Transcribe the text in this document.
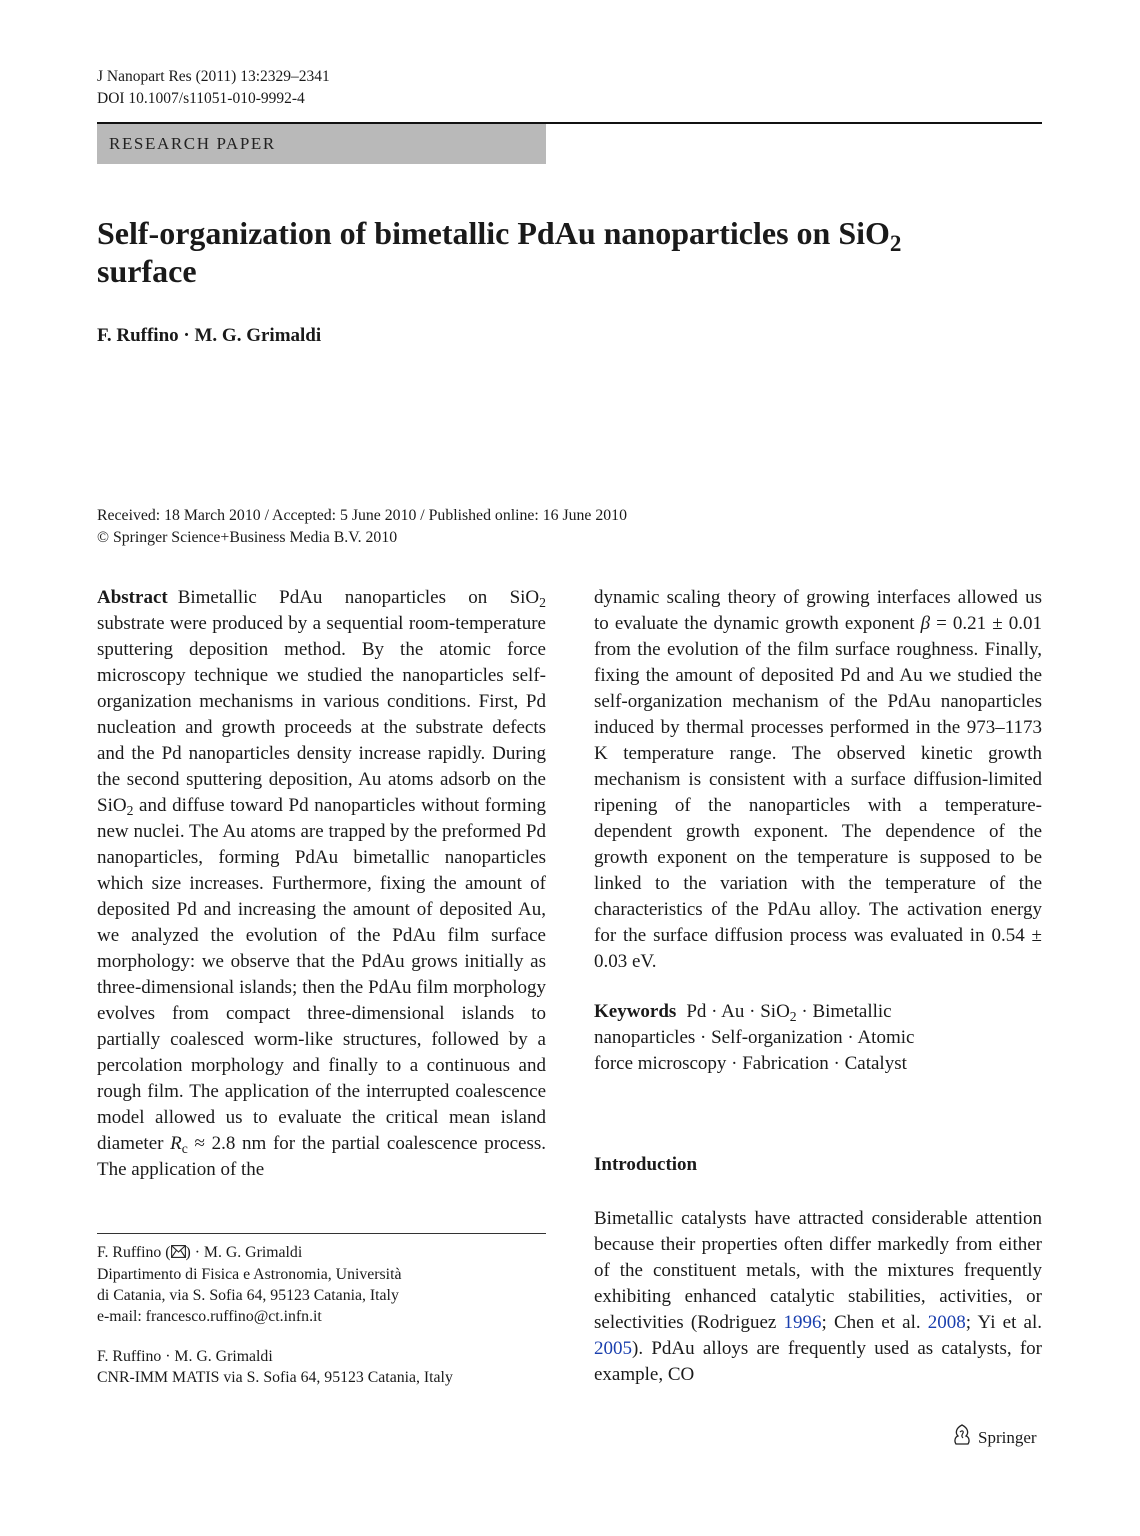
J Nanopart Res (2011) 13:2329–2341
DOI 10.1007/s11051-010-9992-4
RESEARCH PAPER
Self-organization of bimetallic PdAu nanoparticles on SiO$_2$
surface
F. Ruffino · M. G. Grimaldi
Received: 18 March 2010 / Accepted: 5 June 2010 / Published online: 16 June 2010
© Springer Science+Business Media B.V. 2010

Abstract Bimetallic PdAu nanoparticles on SiO$_2$ substrate were produced by a sequential room-temperature sputtering deposition method. By the atomic force microscopy technique we studied the nanoparticles self-organization mechanisms in various conditions. First, Pd nucleation and growth proceeds at the substrate defects and the Pd nanoparticles density increase rapidly. During the second sputtering deposition, Au atoms adsorb on the SiO$_2$ and diffuse toward Pd nanoparticles without forming new nuclei. The Au atoms are trapped by the preformed Pd nanoparticles, forming PdAu bimetallic nanoparticles which size increases. Furthermore, fixing the amount of deposited Pd and increasing the amount of deposited Au, we analyzed the evolution of the PdAu film surface morphology: we observe that the PdAu grows initially as three-dimensional islands; then the PdAu film morphology evolves from compact three-dimensional islands to partially coalesced worm-like structures, followed by a percolation morphology and finally to a continuous and rough film. The application of the interrupted coalescence model allowed us to evaluate the critical mean island diameter $R_c \approx 2.8$ nm for the partial coalescence process. The application of the

dynamic scaling theory of growing interfaces allowed us to evaluate the dynamic growth exponent β = 0.21 ± 0.01 from the evolution of the film surface roughness. Finally, fixing the amount of deposited Pd and Au we studied the self-organization mechanism of the PdAu nanoparticles induced by thermal processes performed in the 973–1173 K temperature range. The observed kinetic growth mechanism is consistent with a surface diffusion-limited ripening of the nanoparticles with a temperature-dependent growth exponent. The dependence of the growth exponent on the temperature is supposed to be linked to the variation with the temperature of the characteristics of the PdAu alloy. The activation energy for the surface diffusion process was evaluated in 0.54 ± 0.03 eV.

Keywords Pd · Au · SiO$_2$ · Bimetallic
nanoparticles · Self-organization · Atomic
force microscopy · Fabrication · Catalyst
Introduction
Bimetallic catalysts have attracted considerable attention because their properties often differ markedly from either of the constituent metals, with the mixtures frequently exhibiting enhanced catalytic stabilities, activities, or selectivities (Rodriguez 1996; Chen et al. 2008; Yi et al. 2005). PdAu alloys are frequently used as catalysts, for example, CO
F. Ruffino ( ) · M. G. Grimaldi
Dipartimento di Fisica e Astronomia, Università
di Catania, via S. Sofia 64, 95123 Catania, Italy
e-mail: francesco.ruffino@ct.infn.it
F. Ruffino · M. G. Grimaldi
CNR-IMM MATIS via S. Sofia 64, 95123 Catania, Italy
Springer
